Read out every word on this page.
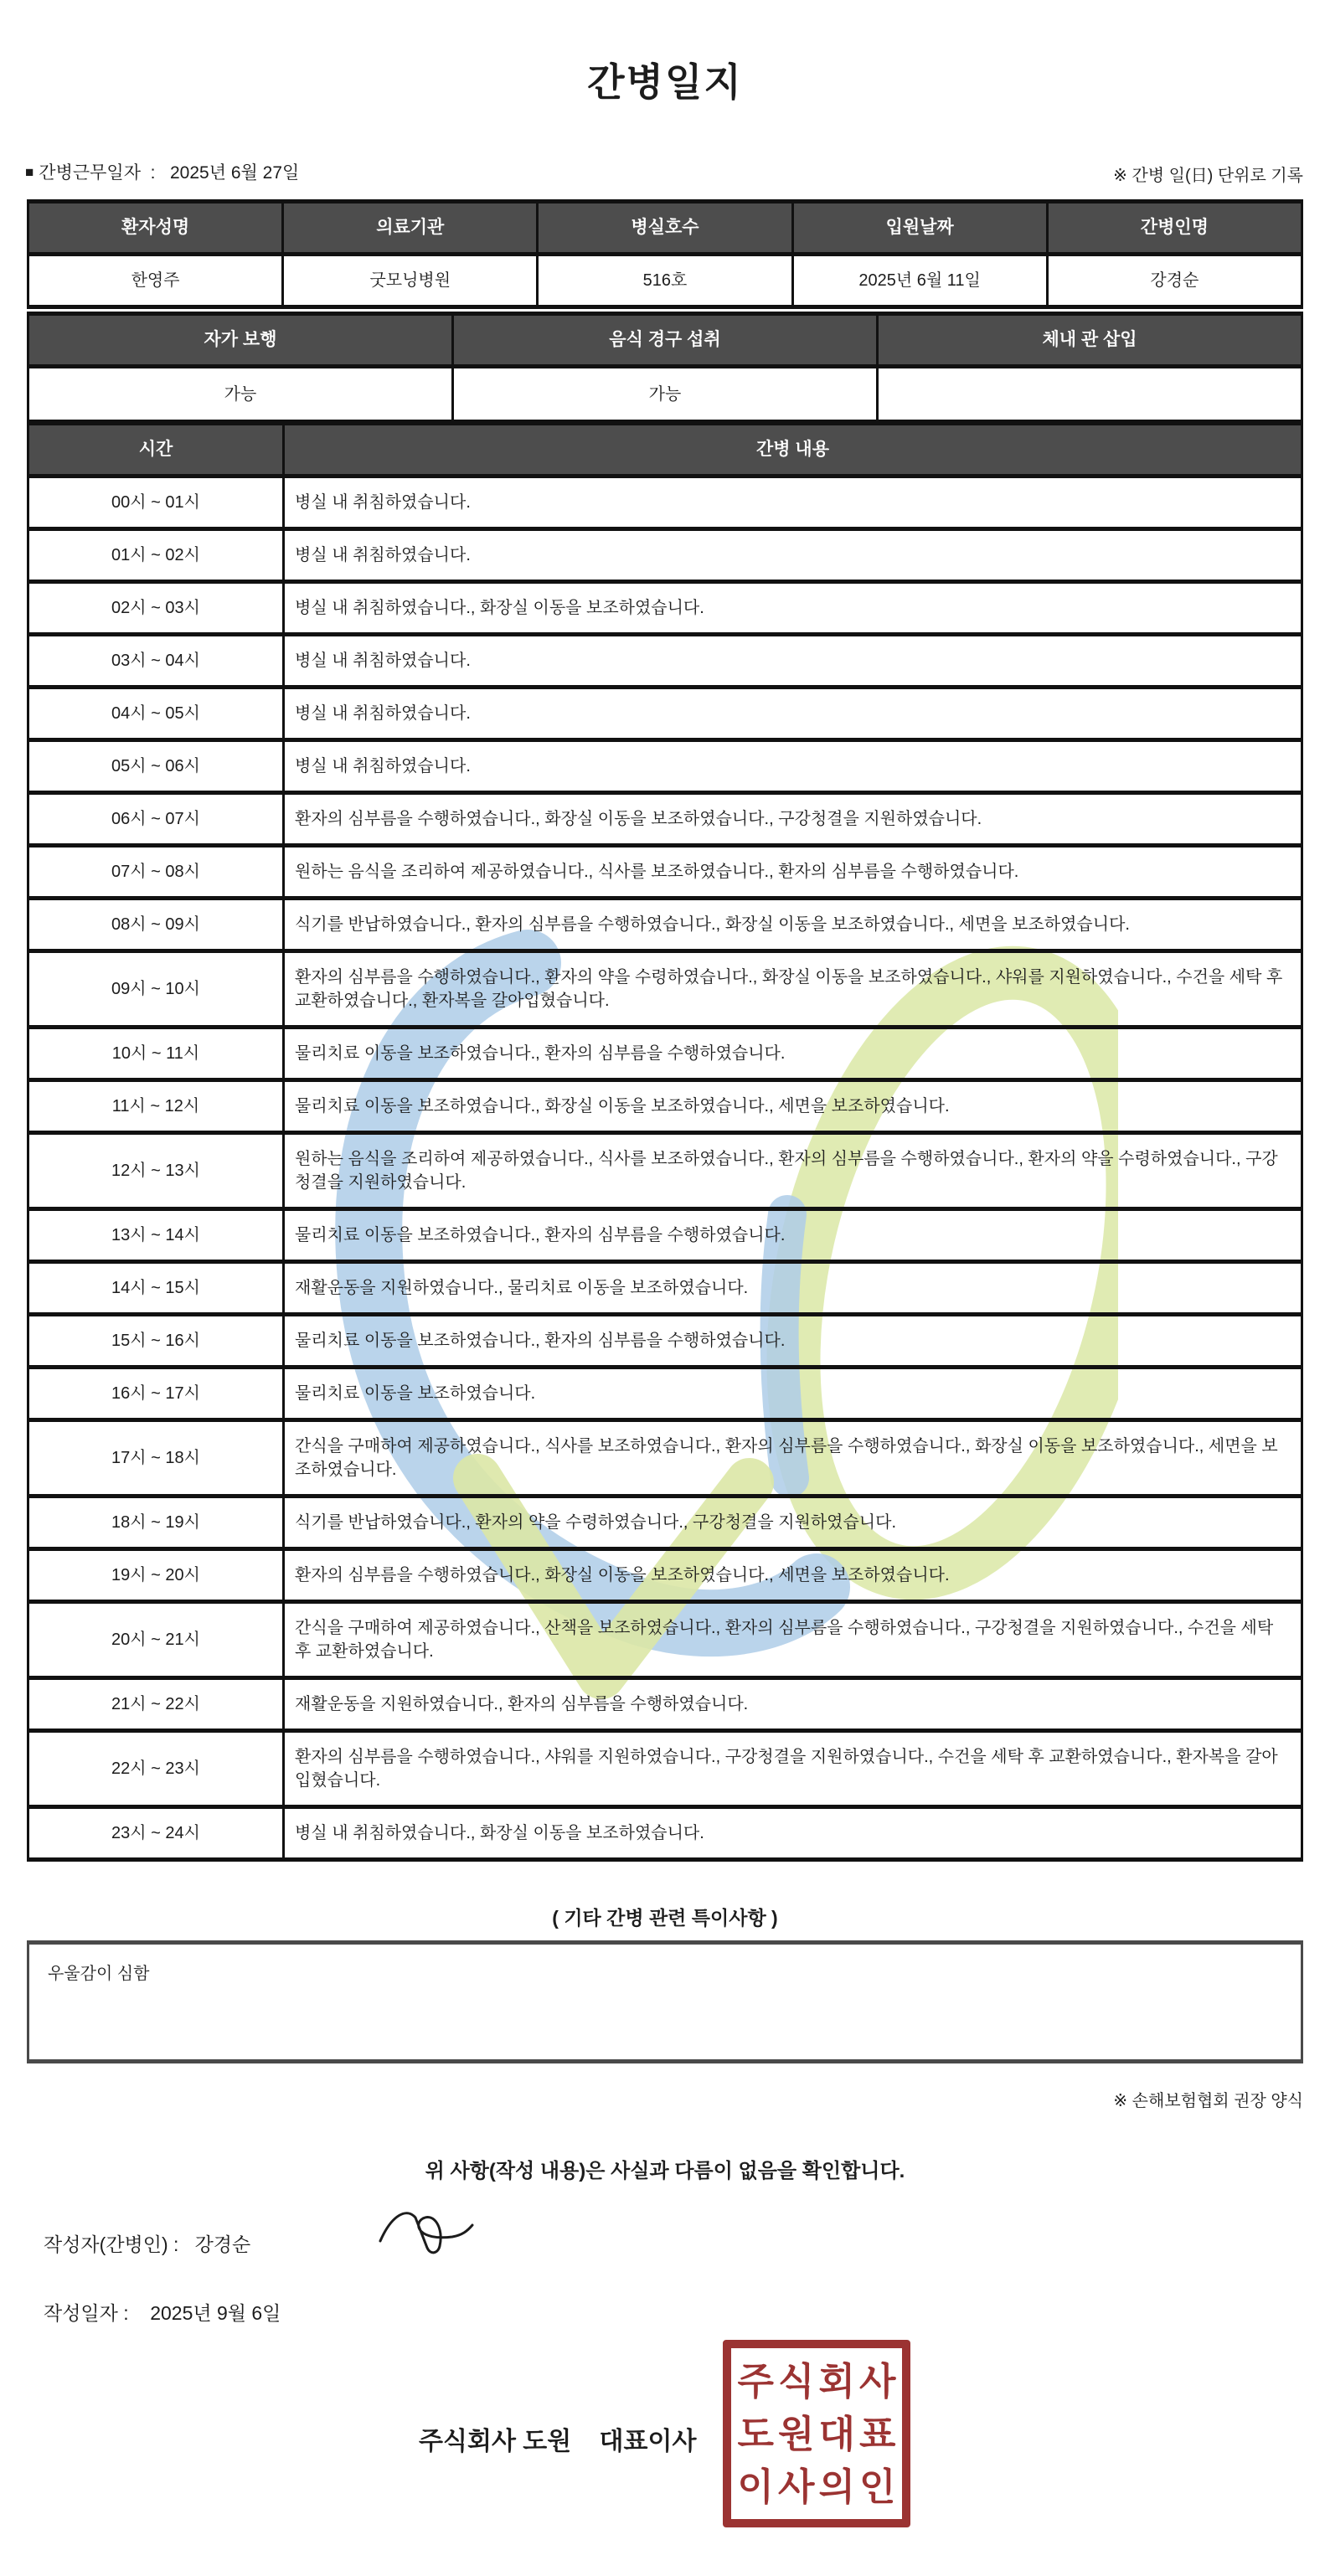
간병일지
■ 간병근무일자  :   2025년 6월 27일	※ 간병 일(日) 단위로 기록
환자성명	의료기관	병실호수	입원날짜	간병인명
한영주	굿모닝병원	516호	2025년 6월 11일	강경순
자가 보행	음식 경구 섭취	체내 관 삽입
가능	가능	
시간	간병 내용
00시 ~ 01시	병실 내 취침하였습니다.
01시 ~ 02시	병실 내 취침하였습니다.
02시 ~ 03시	병실 내 취침하였습니다., 화장실 이동을 보조하였습니다.
03시 ~ 04시	병실 내 취침하였습니다.
04시 ~ 05시	병실 내 취침하였습니다.
05시 ~ 06시	병실 내 취침하였습니다.
06시 ~ 07시	환자의 심부름을 수행하였습니다., 화장실 이동을 보조하였습니다., 구강청결을 지원하였습니다.
07시 ~ 08시	원하는 음식을 조리하여 제공하였습니다., 식사를 보조하였습니다., 환자의 심부름을 수행하였습니다.
08시 ~ 09시	식기를 반납하였습니다., 환자의 심부름을 수행하였습니다., 화장실 이동을 보조하였습니다., 세면을 보조하였습니다.
09시 ~ 10시	환자의 심부름을 수행하였습니다., 환자의 약을 수령하였습니다., 화장실 이동을 보조하였습니다., 샤워를 지원하였습니다., 수건을 세탁 후 교환하였습니다., 환자복을 갈아입혔습니다.
10시 ~ 11시	물리치료 이동을 보조하였습니다., 환자의 심부름을 수행하였습니다.
11시 ~ 12시	물리치료 이동을 보조하였습니다., 화장실 이동을 보조하였습니다., 세면을 보조하였습니다.
12시 ~ 13시	원하는 음식을 조리하여 제공하였습니다., 식사를 보조하였습니다., 환자의 심부름을 수행하였습니다., 환자의 약을 수령하였습니다., 구강청결을 지원하였습니다.
13시 ~ 14시	물리치료 이동을 보조하였습니다., 환자의 심부름을 수행하였습니다.
14시 ~ 15시	재활운동을 지원하였습니다., 물리치료 이동을 보조하였습니다.
15시 ~ 16시	물리치료 이동을 보조하였습니다., 환자의 심부름을 수행하였습니다.
16시 ~ 17시	물리치료 이동을 보조하였습니다.
17시 ~ 18시	간식을 구매하여 제공하였습니다., 식사를 보조하였습니다., 환자의 심부름을 수행하였습니다., 화장실 이동을 보조하였습니다., 세면을 보조하였습니다.
18시 ~ 19시	식기를 반납하였습니다., 환자의 약을 수령하였습니다., 구강청결을 지원하였습니다.
19시 ~ 20시	환자의 심부름을 수행하였습니다., 화장실 이동을 보조하였습니다., 세면을 보조하였습니다.
20시 ~ 21시	간식을 구매하여 제공하였습니다., 산책을 보조하였습니다., 환자의 심부름을 수행하였습니다., 구강청결을 지원하였습니다., 수건을 세탁 후 교환하였습니다.
21시 ~ 22시	재활운동을 지원하였습니다., 환자의 심부름을 수행하였습니다.
22시 ~ 23시	환자의 심부름을 수행하였습니다., 샤워를 지원하였습니다., 구강청결을 지원하였습니다., 수건을 세탁 후 교환하였습니다., 환자복을 갈아입혔습니다.
23시 ~ 24시	병실 내 취침하였습니다., 화장실 이동을 보조하였습니다.
( 기타 간병 관련 특이사항 )
우울감이 심함
※ 손해보험협회 권장 양식
위 사항(작성 내용)은 사실과 다름이 없음을 확인합니다.
작성자(간병인) :   강경순
작성일자 :    2025년 9월 6일
주식회사 도원    대표이사
주식회사
도원대표
이사의인
